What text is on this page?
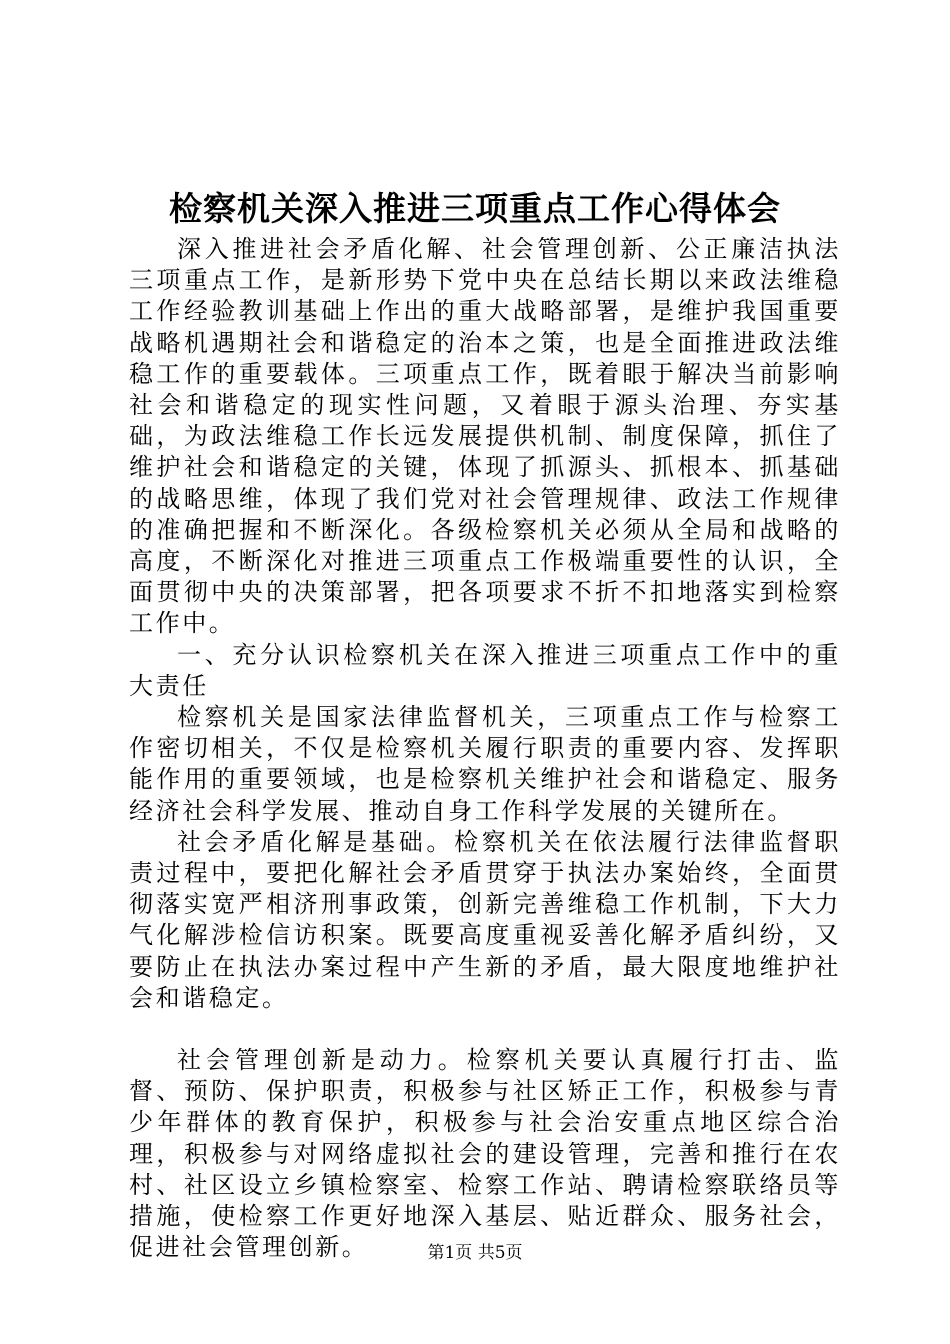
检察机关深入推进三项重点工作心得体会

深入推进社会矛盾化解、社会管理创新、公正廉洁执法三项重点工作，是新形势下党中央在总结长期以来政法维稳工作经验教训基础上作出的重大战略部署，是维护我国重要战略机遇期社会和谐稳定的治本之策，也是全面推进政法维稳工作的重要载体。三项重点工作，既着眼于解决当前影响社会和谐稳定的现实性问题，又着眼于源头治理、夯实基础，为政法维稳工作长远发展提供机制、制度保障，抓住了维护社会和谐稳定的关键，体现了抓源头、抓根本、抓基础的战略思维，体现了我们党对社会管理规律、政法工作规律的准确把握和不断深化。各级检察机关必须从全局和战略的高度，不断深化对推进三项重点工作极端重要性的认识，全面贯彻中央的决策部署，把各项要求不折不扣地落实到检察工作中。

一、充分认识检察机关在深入推进三项重点工作中的重大责任

检察机关是国家法律监督机关，三项重点工作与检察工作密切相关，不仅是检察机关履行职责的重要内容、发挥职能作用的重要领域，也是检察机关维护社会和谐稳定、服务经济社会科学发展、推动自身工作科学发展的关键所在。

社会矛盾化解是基础。检察机关在依法履行法律监督职责过程中，要把化解社会矛盾贯穿于执法办案始终，全面贯彻落实宽严相济刑事政策，创新完善维稳工作机制，下大力气化解涉检信访积案。既要高度重视妥善化解矛盾纠纷，又要防止在执法办案过程中产生新的矛盾，最大限度地维护社会和谐稳定。

社会管理创新是动力。检察机关要认真履行打击、监督、预防、保护职责，积极参与社区矫正工作，积极参与青少年群体的教育保护，积极参与社会治安重点地区综合治理，积极参与对网络虚拟社会的建设管理，完善和推行在农村、社区设立乡镇检察室、检察工作站、聘请检察联络员等措施，使检察工作更好地深入基层、贴近群众、服务社会，促进社会管理创新。	第1页 共5页
